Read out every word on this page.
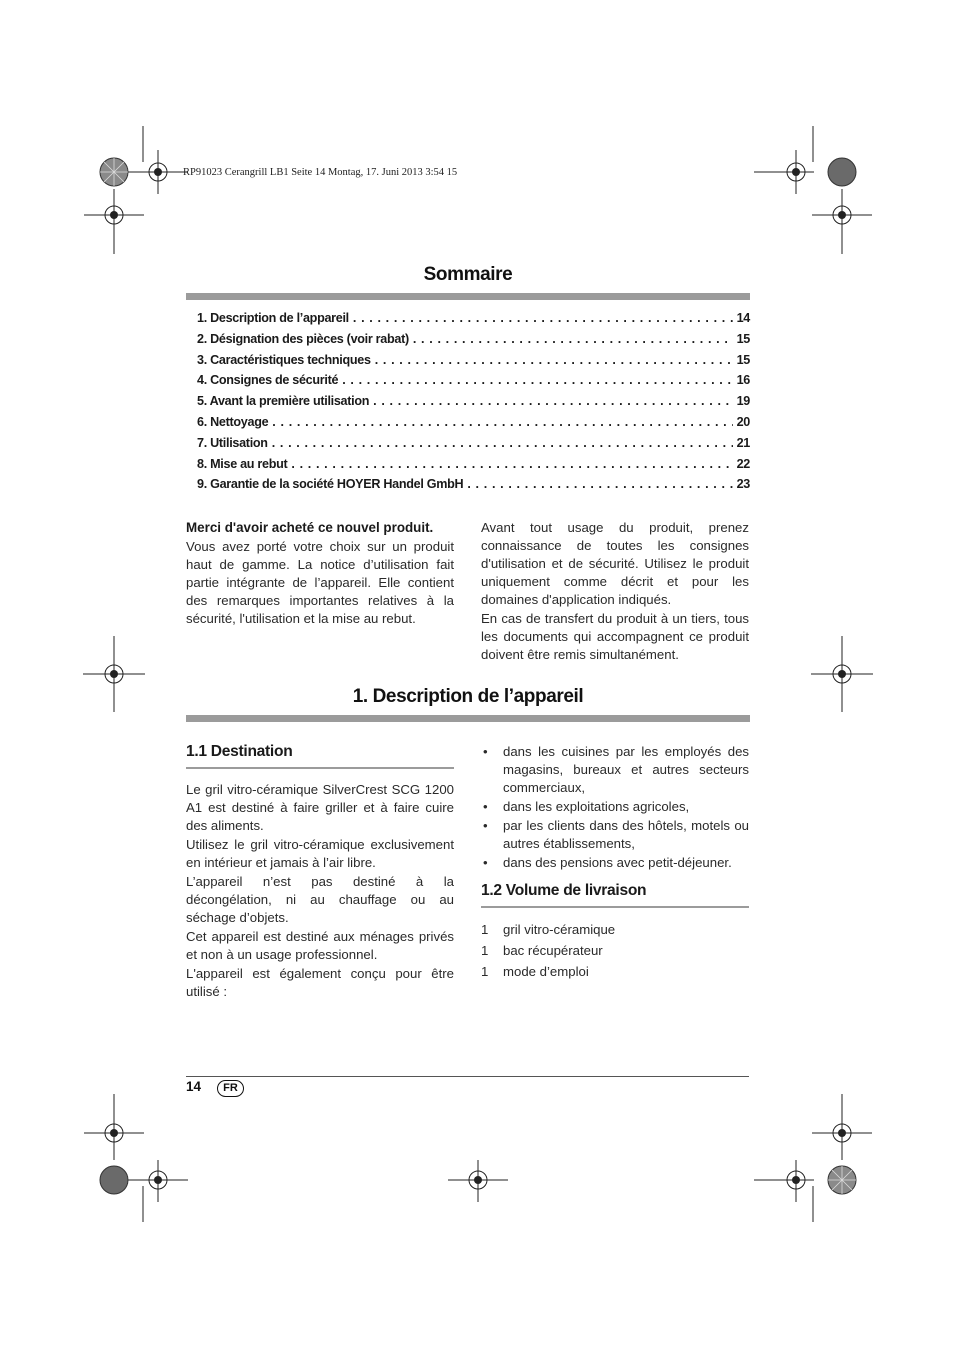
RP91023 Cerangrill LB1 Seite 14 Montag, 17. Juni 2013 3:54 15
Sommaire
1. Description de l’appareil . . .	14
2. Désignation des pièces (voir rabat) . . .	15
3. Caractéristiques techniques . . .	15
4. Consignes de sécurité . . .	16
5. Avant la première utilisation . . .	19
6. Nettoyage . . .	20
7. Utilisation . . .	21
8. Mise au rebut . . .	22
9. Garantie de la société HOYER Handel GmbH . . .	23

Merci d'avoir acheté ce nouvel produit.

Vous avez porté votre choix sur un produit haut de gamme. La notice d’utilisation fait partie intégrante de l’appareil. Elle contient des remarques importantes relatives à la sécurité, l'utilisation et la mise au rebut.

Avant tout usage du produit, prenez connaissance de toutes les consignes d'utilisation et de sécurité. Utilisez le produit uniquement comme décrit et pour les domaines d'application indiqués.

En cas de transfert du produit à un tiers, tous les documents qui accompagnent ce produit doivent être remis simultanément.

1. Description de l’appareil
1.1 Destination

Le gril vitro-céramique SilverCrest SCG 1200 A1 est destiné à faire griller et à faire cuire des aliments.

Utilisez le gril vitro-céramique exclusivement en intérieur et jamais à l’air libre.

L’appareil n’est pas destiné à la décongélation, ni au chauffage ou au séchage d’objets.

Cet appareil est destiné aux ménages privés et non à un usage professionnel.

L'appareil est également conçu pour être utilisé :

• dans les cuisines par les employés des magasins, bureaux et autres secteurs commerciaux,
• dans les exploitations agricoles,
• par les clients dans des hôtels, motels ou autres établissements,
• dans des pensions avec petit-déjeuner.
1.2 Volume de livraison
1	gril vitro-céramique
1	bac récupérateur
1	mode d’emploi
14	FR
